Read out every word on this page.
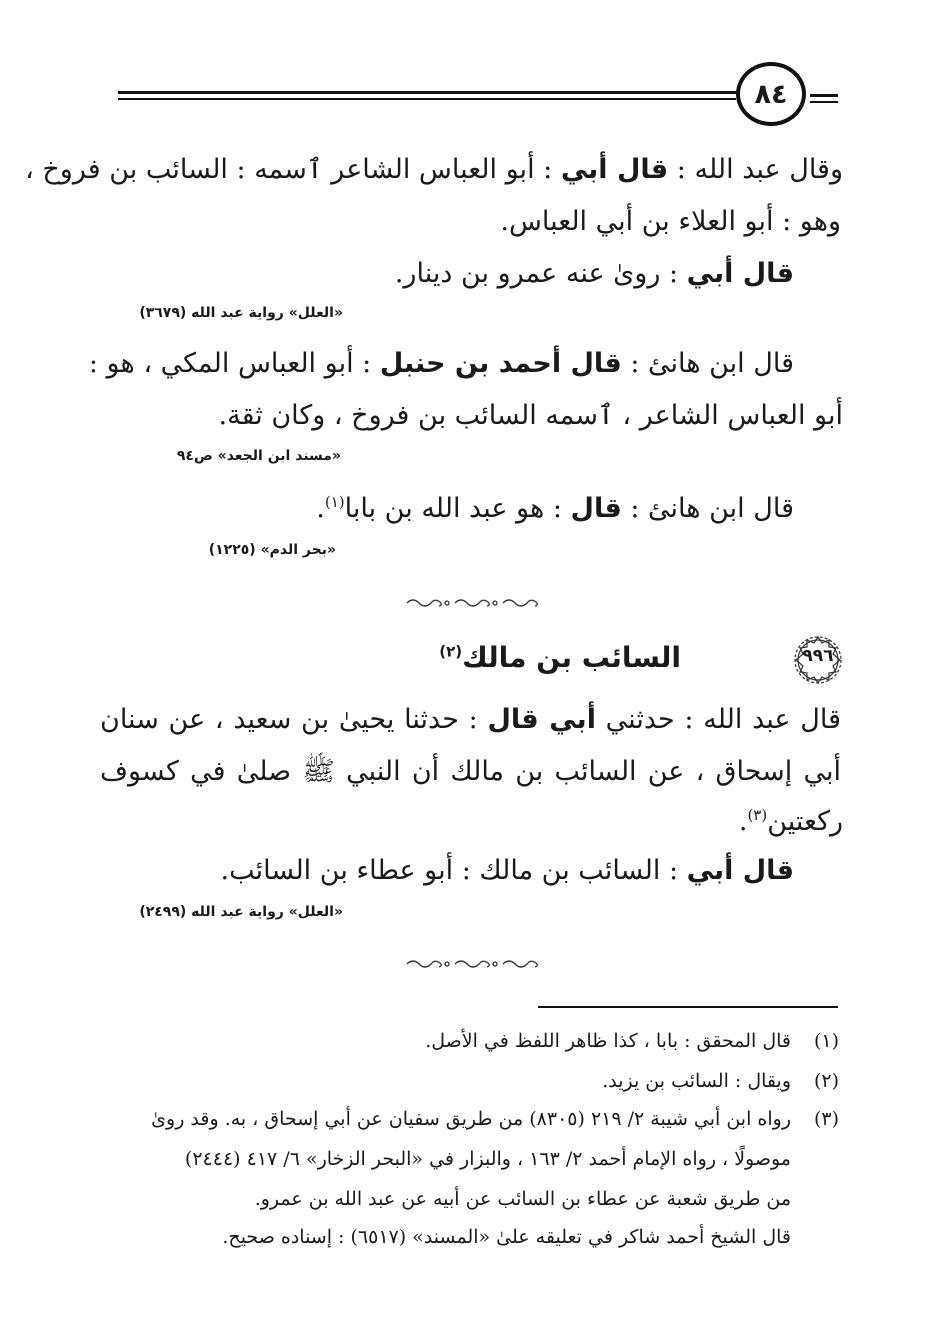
٨٤
وقال عبد الله : قال أبي : أبو العباس الشاعر ٱسمه : السائب بن فروخ ،
وهو : أبو العلاء بن أبي العباس.
قال أبي : روىٰ عنه عمرو بن دينار.
«العلل» رواية عبد الله (٣٦٧٩)
قال ابن هانئ : قال أحمد بن حنبل : أبو العباس المكي ، هو :
أبو العباس الشاعر ، ٱسمه السائب بن فروخ ، وكان ثقة.
«مسند ابن الجعد» ص٩٤
قال ابن هانئ : قال : هو عبد الله بن بابا$^{(١)}$.
«بحر الدم» (١٢٢٥)
٩٩٦
السائب بن مالك$^{(٢)}$
قال عبد الله : حدثني أبي قال : حدثنا يحيىٰ بن سعيد ، عن سنان
أبي إسحاق ، عن السائب بن مالك أن النبي ﷺ صلىٰ في كسوف
ركعتين$^{(٣)}$.
قال أبي : السائب بن مالك : أبو عطاء بن السائب.
«العلل» رواية عبد الله (٢٤٩٩)
(١)
قال المحقق : بابا ، كذا ظاهر اللفظ في الأصل.
(٢)
ويقال : السائب بن يزيد.
(٣)
رواه ابن أبي شيبة ٢/ ٢١٩ (٨٣٠٥) من طريق سفيان عن أبي إسحاق ، به. وقد روىٰ
موصولًا ، رواه الإمام أحمد ٢/ ١٦٣ ، والبزار في «البحر الزخار» ٦/ ٤١٧ (٢٤٤٤)
من طريق شعبة عن عطاء بن السائب عن أبيه عن عبد الله بن عمرو.
قال الشيخ أحمد شاكر في تعليقه علىٰ «المسند» (٦٥١٧) : إسناده صحيح.
